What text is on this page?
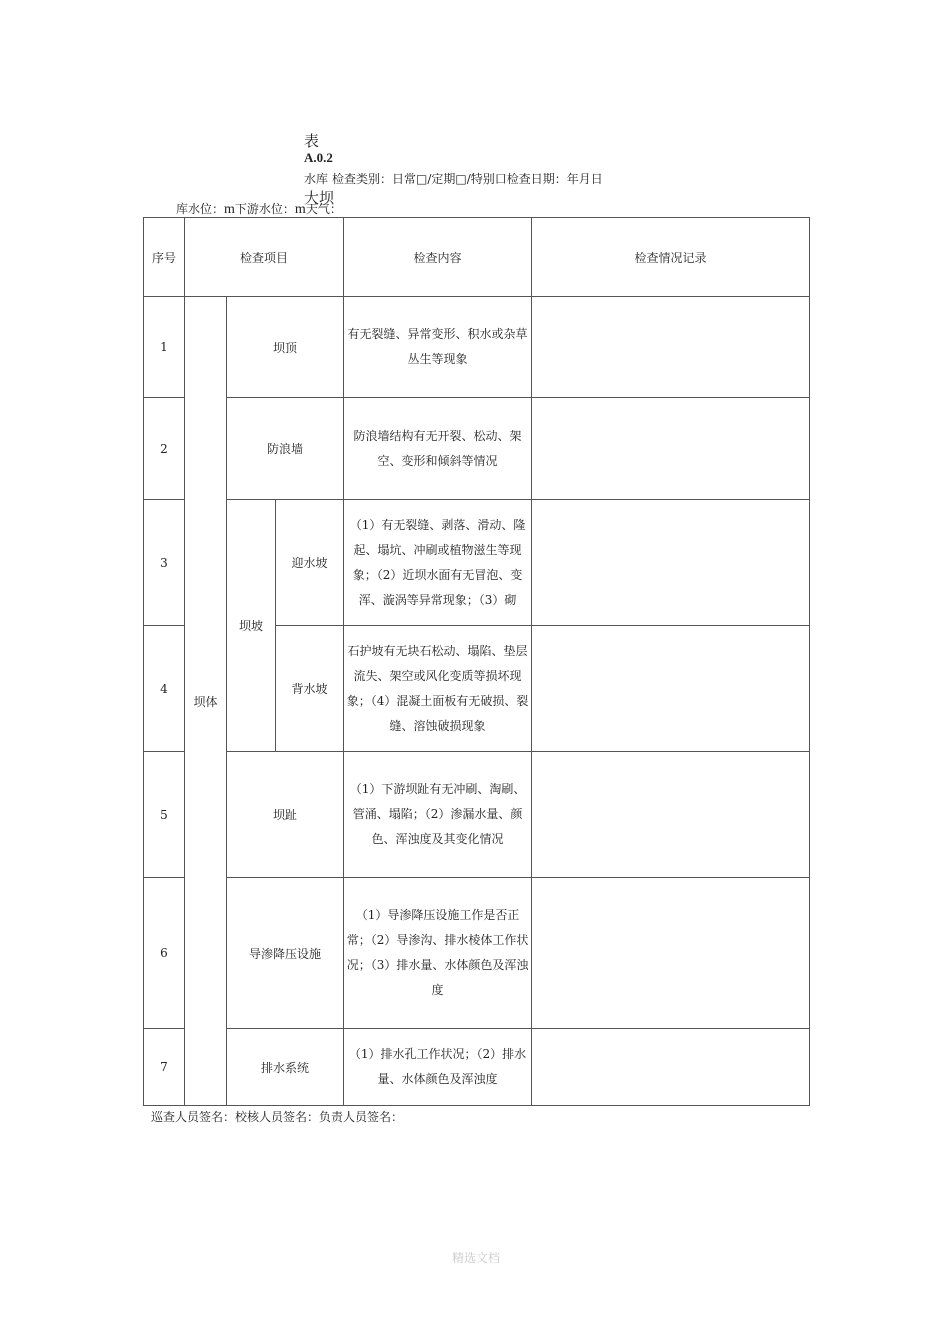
表
A.0.2
水库 检查类别：日常□/定期□/特别口检查日期：年月日
大坝
库水位：m下游水位：m天气：
序号	检查项目			检查内容	检查情况记录
1	坝体	坝顶		有无裂缝、异常变形、积水或杂草丛生等现象	
2		防浪墙		防浪墙结构有无开裂、松动、架空、变形和倾斜等情况	
3		坝坡	迎水坡	（1）有无裂缝、剥落、滑动、隆起、塌坑、冲刷或植物滋生等现象；（2）近坝水面有无冒泡、变浑、漩涡等异常现象；（3）砌	
4			背水坡	石护坡有无块石松动、塌陷、垫层流失、架空或风化变质等损坏现象；（4）混凝土面板有无破损、裂缝、溶蚀破损现象	
5		坝趾		（1）下游坝趾有无冲刷、淘刷、管涌、塌陷；（2）渗漏水量、颜色、浑浊度及其变化情况	
6		导渗降压设施		（1）导渗降压设施工作是否正常；（2）导渗沟、排水棱体工作状况；（3）排水量、水体颜色及浑浊度	
7		排水系统		（1）排水孔工作状况；（2）排水量、水体颜色及浑浊度	
巡查人员签名：校核人员签名：负责人员签名：
精选文档
